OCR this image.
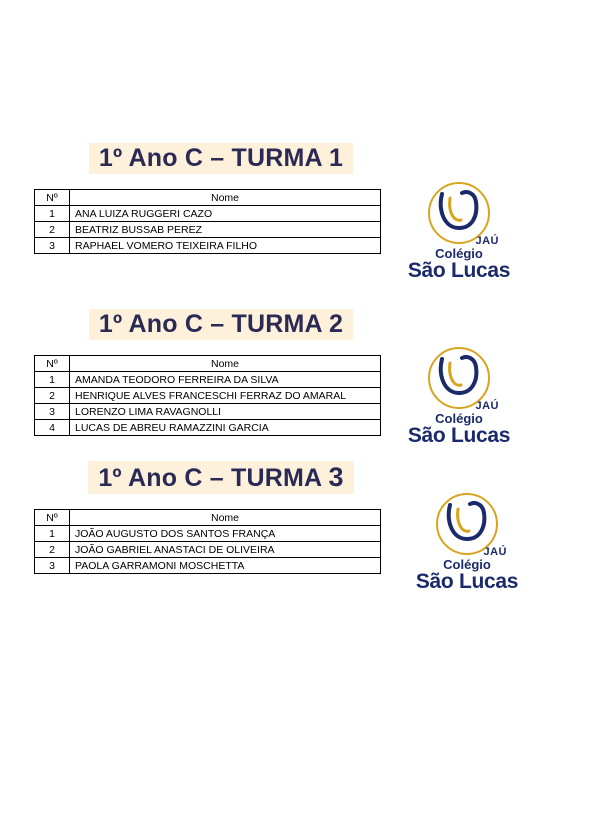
1º Ano C – TURMA 1
Nº	Nome
1	ANA LUIZA RUGGERI CAZO
2	BEATRIZ BUSSAB PEREZ
3	RAPHAEL VOMERO TEIXEIRA FILHO	JAÚ
Colégio
São Lucas
1º Ano C – TURMA 2
Nº	Nome
1	AMANDA TEODORO FERREIRA DA SILVA
2	HENRIQUE ALVES FRANCESCHI FERRAZ DO AMARAL
3	LORENZO LIMA RAVAGNOLLI
4	LUCAS DE ABREU RAMAZZINI GARCIA
JAÚ
Colégio
São Lucas
1º Ano C – TURMA 3
Nº	Nome
1	JOÃO AUGUSTO DOS SANTOS FRANÇA
2	JOÃO GABRIEL ANASTACI DE OLIVEIRA
3	PAOLA GARRAMONI MOSCHETTA
JAÚ
Colégio
São Lucas
